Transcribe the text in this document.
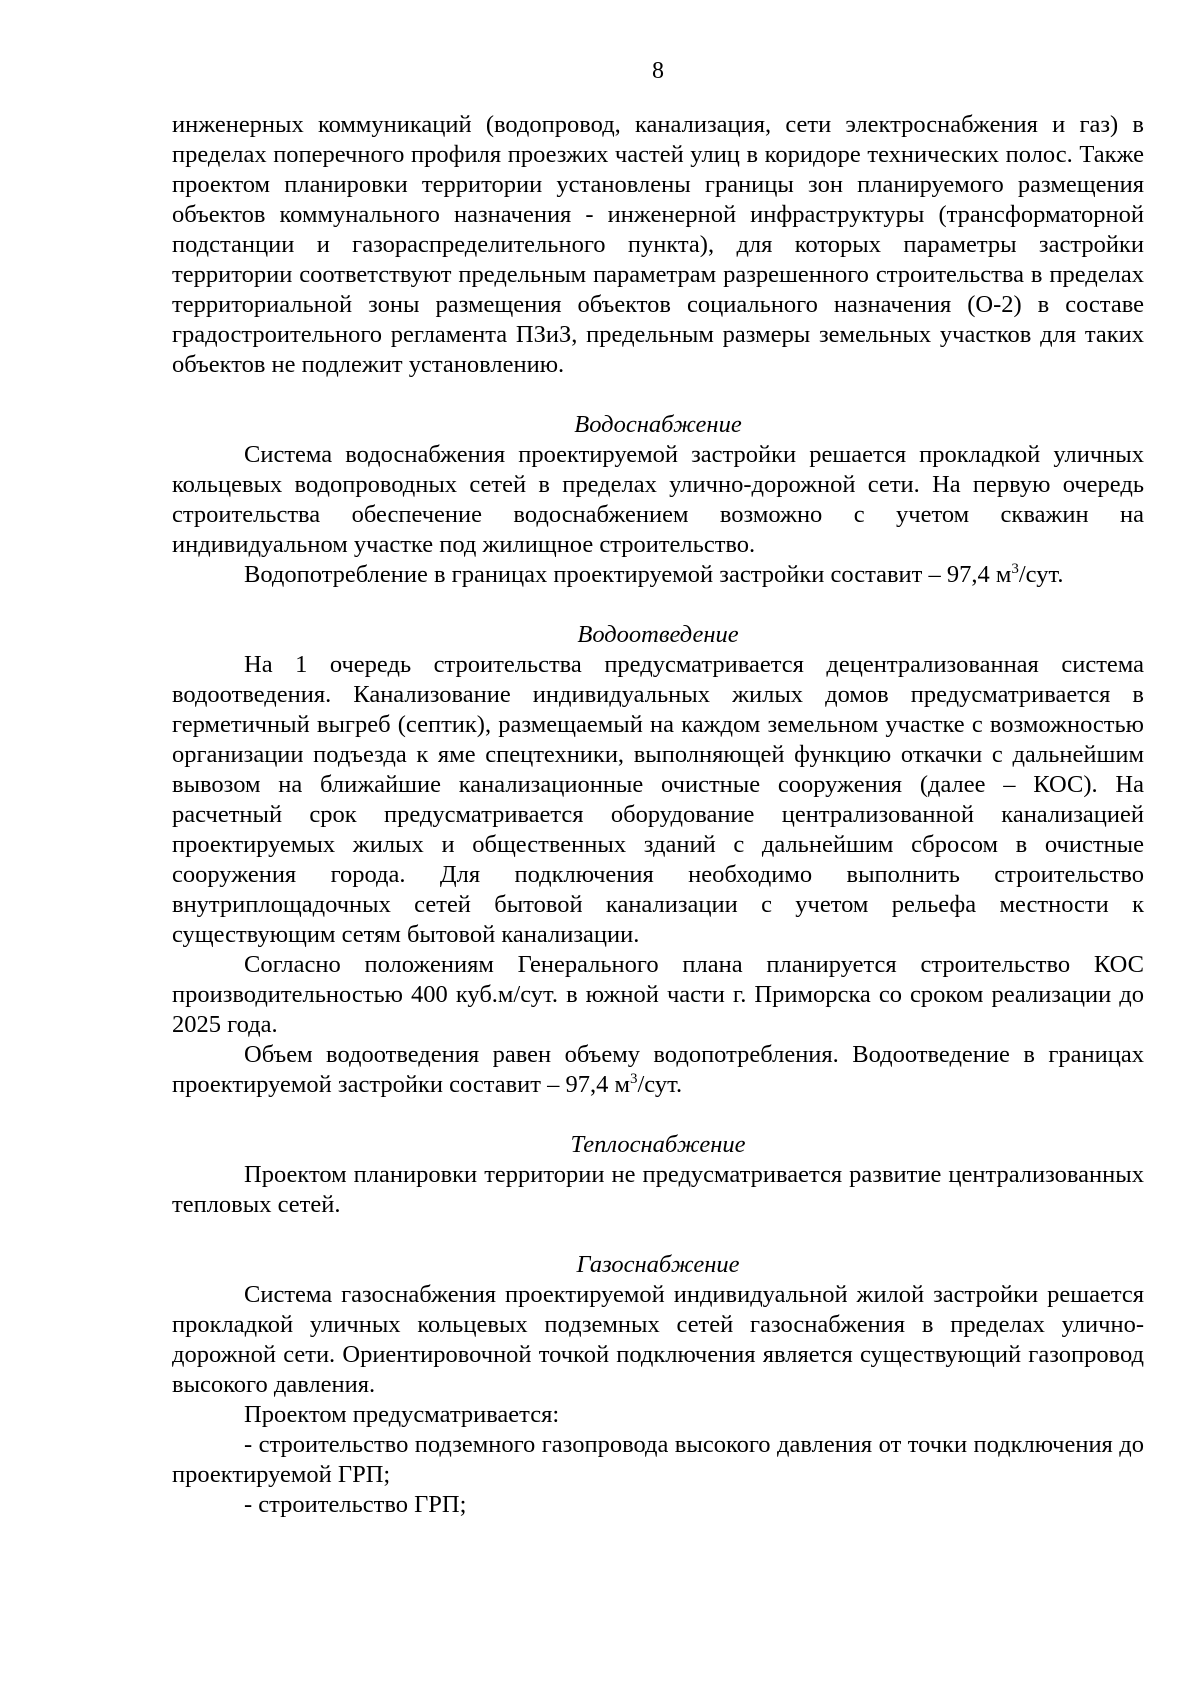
8

инженерных коммуникаций (водопровод, канализация, сети электроснабжения и газ) в пределах поперечного профиля проезжих частей улиц в коридоре технических полос. Также проектом планировки территории установлены границы зон планируемого размещения объектов коммунального назначения - инженерной инфраструктуры (трансформаторной подстанции и газораспределительного пункта), для которых параметры застройки территории соответствуют предельным параметрам разрешенного строительства в пределах территориальной зоны размещения объектов социального назначения (О-2) в составе градостроительного регламента ПЗиЗ, предельным размеры земельных участков для таких объектов не подлежит установлению.

Водоснабжение

Система водоснабжения проектируемой застройки решается прокладкой уличных кольцевых водопроводных сетей в пределах улично-дорожной сети. На первую очередь строительства обеспечение водоснабжением возможно с учетом скважин на индивидуальном участке под жилищное строительство.

Водопотребление в границах проектируемой застройки составит – 97,4 $м^3$/сут.

Водоотведение

На 1 очередь строительства предусматривается децентрализованная система водоотведения. Канализование индивидуальных жилых домов предусматривается в герметичный выгреб (септик), размещаемый на каждом земельном участке с возможностью организации подъезда к яме спецтехники, выполняющей функцию откачки с дальнейшим вывозом на ближайшие канализационные очистные сооружения (далее – КОС). На расчетный срок предусматривается оборудование централизованной канализацией проектируемых жилых и общественных зданий с дальнейшим сбросом в очистные сооружения города. Для подключения необходимо выполнить строительство внутриплощадочных сетей бытовой канализации с учетом рельефа местности к существующим сетям бытовой канализации.

Согласно положениям Генерального плана планируется строительство КОС производительностью 400 куб.м/сут. в южной части г. Приморска со сроком реализации до 2025 года.

Объем водоотведения равен объему водопотребления. Водоотведение в границах проектируемой застройки составит – 97,4 $м^3$/сут.

Теплоснабжение

Проектом планировки территории не предусматривается развитие централизованных тепловых сетей.

Газоснабжение

Система газоснабжения проектируемой индивидуальной жилой застройки решается прокладкой уличных кольцевых подземных сетей газоснабжения в пределах улично-дорожной сети. Ориентировочной точкой подключения является существующий газопровод высокого давления.

Проектом предусматривается:

- строительство подземного газопровода высокого давления от точки подключения до проектируемой ГРП;

- строительство ГРП;
